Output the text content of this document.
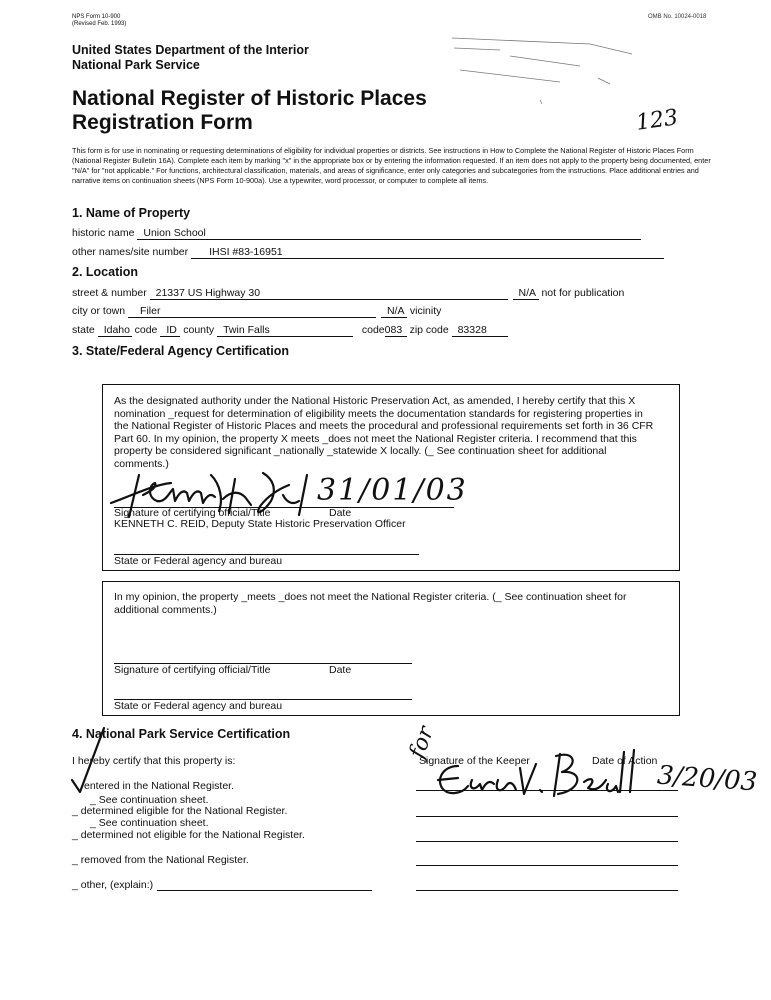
NPS Form 10-900
(Revised Feb. 1993)
OMB No. 10024-0018
United States Department of the Interior
National Park Service
National Register of Historic Places
Registration Form	123
This form is for use in nominating or requesting determinations of eligibility for individual properties or districts. See instructions in How to Complete the National Register of Historic Places Form (National Register Bulletin 16A). Complete each item by marking "x" in the appropriate box or by entering the information requested. If an item does not apply to the property being documented, enter "N/A" for "not applicable." For functions, architectural classification, materials, and areas of significance, enter only categories and subcategories from the instructions. Place additional entries and narrative items on continuation sheets (NPS Form 10-900a). Use a typewriter, word processor, or computer to complete all items.
1. Name of Property
historic name Union School
other names/site number IHSI #83-16951
2. Location
street & number 21337 US Highway 30	N/A not for publication
city or town Filer	N/A vicinity
state Idaho code ID county Twin Falls	code083 zip code 83328
3. State/Federal Agency Certification
As the designated authority under the National Historic Preservation Act, as amended, I hereby certify that this X
nomination _request for determination of eligibility meets the documentation standards for registering properties in
the National Register of Historic Places and meets the procedural and professional requirements set forth in 36 CFR
Part 60. In my opinion, the property X meets _does not meet the National Register criteria. I recommend that this
property be considered significant _nationally _statewide X locally. (_ See continuation sheet for additional
comments.)
31/01/03
Signature of certifying official/Title	Date
KENNETH C. REID, Deputy State Historic Preservation Officer
State or Federal agency and bureau
In my opinion, the property _meets _does not meet the National Register criteria. (_ See continuation sheet for
additional comments.)
Signature of certifying official/Title	Date
State or Federal agency and bureau
4. National Park Service Certification
I hereby certify that this property is:
entered in the National Register.
_ See continuation sheet.
_ determined eligible for the National Register.
_ See continuation sheet.
_ determined not eligible for the National Register.
_ removed from the National Register.
_ other, (explain:)
Signature of the Keeper	Date of Action
for
3/20/03
